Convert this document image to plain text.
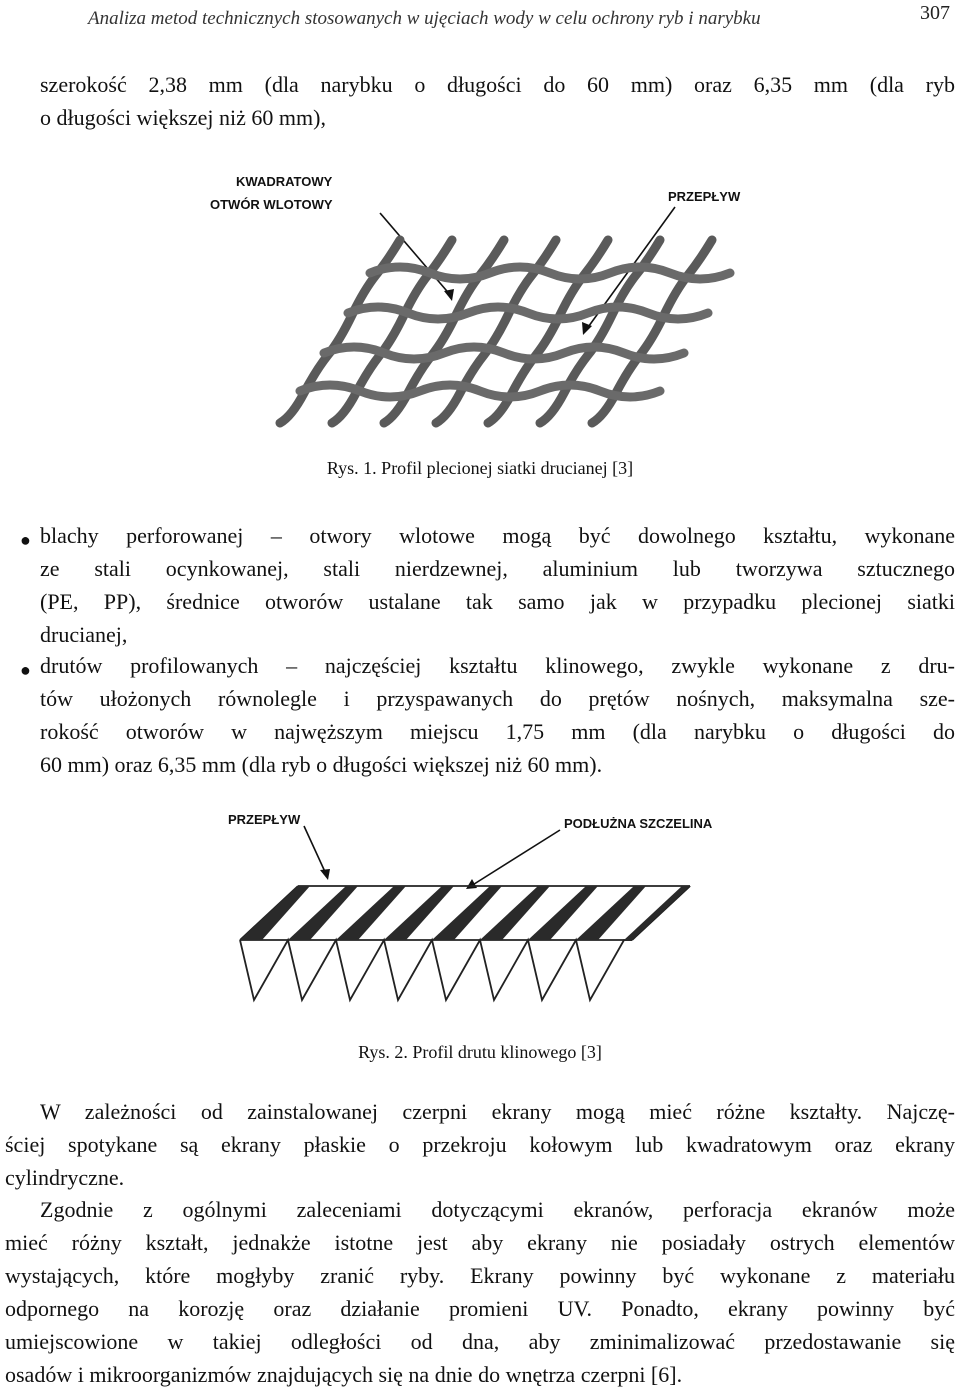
Analiza metod technicznych stosowanych w ujęciach wody w celu ochrony ryb i narybku	307
szerokość 2,38 mm (dla narybku o długości do 60 mm) oraz 6,35 mm (dla ryb
o długości większej niż 60 mm),
KWADRATOWY
OTWÓR WLOTOWY
PRZEPŁYW
Rys. 1. Profil plecionej siatki drucianej [3]
● blachy perforowanej – otwory wlotowe mogą być dowolnego kształtu, wykonane
ze stali ocynkowanej, stali nierdzewnej, aluminium lub tworzywa sztucznego
(PE, PP), średnice otworów ustalane tak samo jak w przypadku plecionej siatki
drucianej,
● drutów profilowanych – najczęściej kształtu klinowego, zwykle wykonane z dru-
tów ułożonych równolegle i przyspawanych do prętów nośnych, maksymalna sze-
rokość otworów w najwęższym miejscu 1,75 mm (dla narybku o długości do
60 mm) oraz 6,35 mm (dla ryb o długości większej niż 60 mm).
PRZEPŁYW	PODŁUŻNA SZCZELINA
Rys. 2. Profil drutu klinowego [3]
W zależności od zainstalowanej czerpni ekrany mogą mieć różne kształty. Najczę-
ściej spotykane są ekrany płaskie o przekroju kołowym lub kwadratowym oraz ekrany
cylindryczne.
Zgodnie z ogólnymi zaleceniami dotyczącymi ekranów, perforacja ekranów może
mieć różny kształt, jednakże istotne jest aby ekrany nie posiadały ostrych elementów
wystających, które mogłyby zranić ryby. Ekrany powinny być wykonane z materiału
odpornego na korozję oraz działanie promieni UV. Ponadto, ekrany powinny być
umiejscowione w takiej odległości od dna, aby zminimalizować przedostawanie się
osadów i mikroorganizmów znajdujących się na dnie do wnętrza czerpni [6].
